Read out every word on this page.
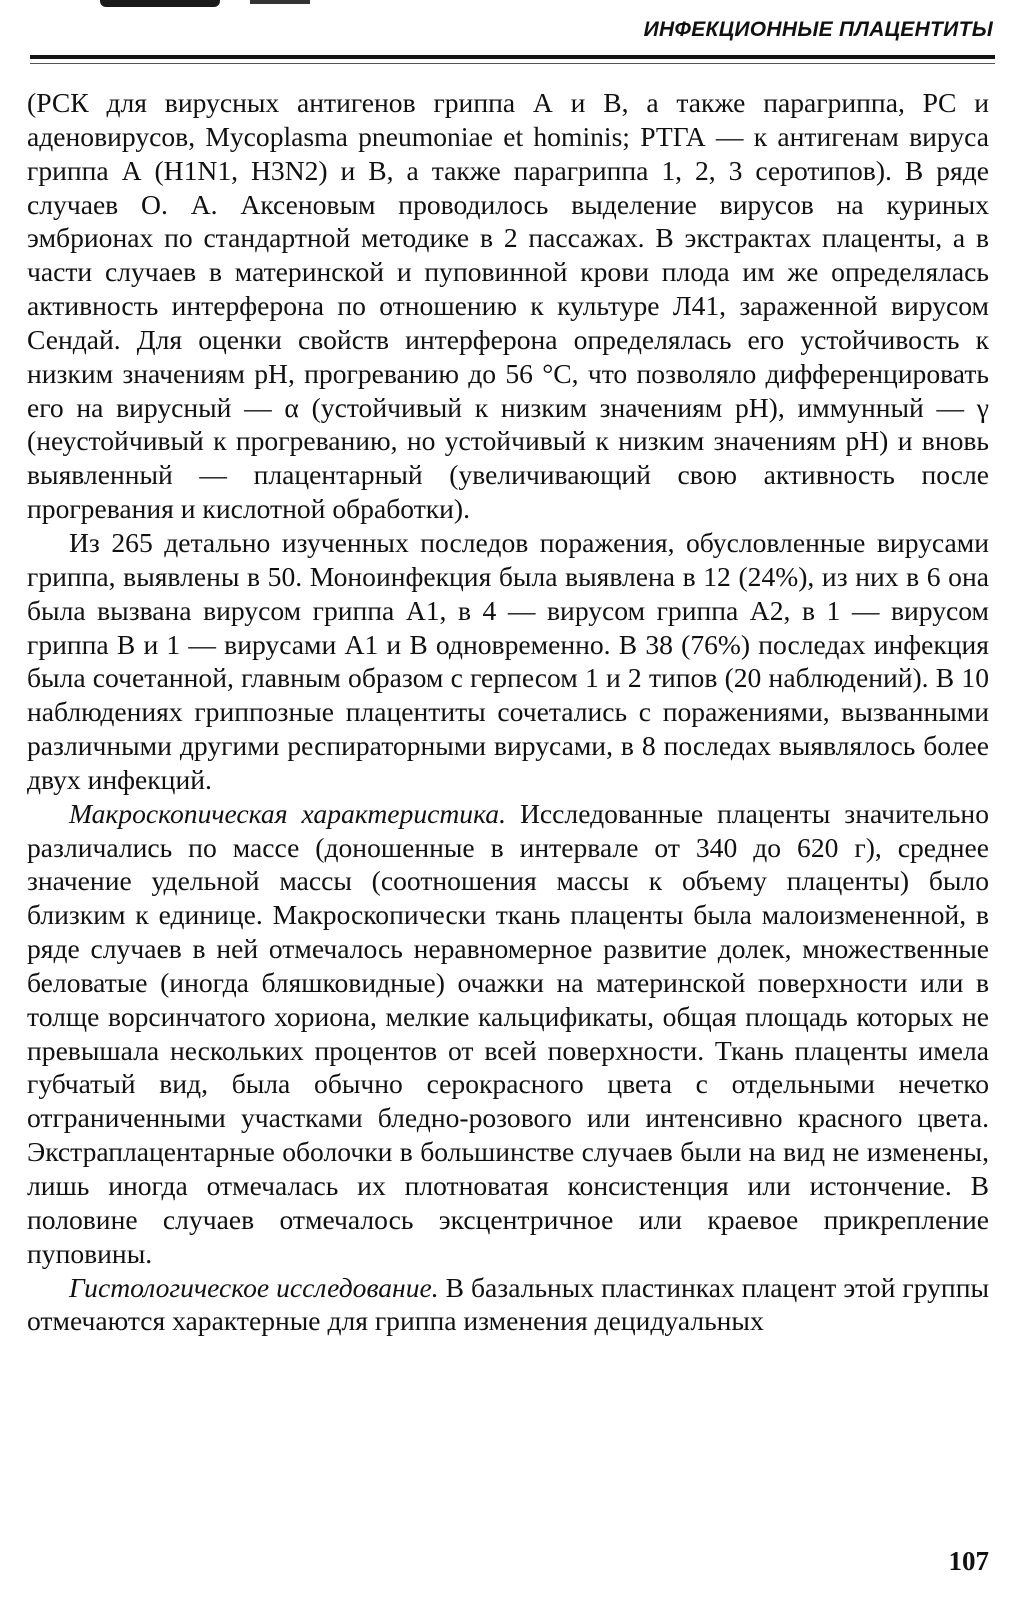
ИНФЕКЦИОННЫЕ ПЛАЦЕНТИТЫ

(РСК для вирусных антигенов гриппа А и В, а также парагриппа, PC и аденовирусов, Mycoplasma pneumoniae et hominis; РТГА — к антигенам вируса гриппа А (H1N1, H3N2) и В, а также парагриппа 1, 2, 3 серотипов). В ряде случаев О. А. Аксеновым проводилось выделение вирусов на куриных эмбрионах по стандартной методике в 2 пассажах. В экстрактах плаценты, а в части случаев в материнской и пуповинной крови плода им же определялась активность интерферона по отношению к культуре Л41, зараженной вирусом Сендай. Для оценки свойств интерферона определялась его устойчивость к низким значениям pH, прогреванию до 56 °С, что позволяло дифференцировать его на вирусный — α (устойчивый к низким значениям pH), иммунный — γ (неустойчивый к прогреванию, но устойчивый к низким значениям pH) и вновь выявленный — плацентарный (увеличивающий свою активность после прогревания и кислотной обработки).

Из 265 детально изученных последов поражения, обусловленные вирусами гриппа, выявлены в 50. Моноинфекция была выявлена в 12 (24%), из них в 6 она была вызвана вирусом гриппа А1, в 4 — вирусом гриппа А2, в 1 — вирусом гриппа В и 1 — вирусами А1 и В одновременно. В 38 (76%) последах инфекция была сочетанной, главным образом с герпесом 1 и 2 типов (20 наблюдений). В 10 наблюдениях гриппозные плацентиты сочетались с поражениями, вызванными различными другими респираторными вирусами, в 8 последах выявлялось более двух инфекций.

Макроскопическая характеристика. Исследованные плаценты значительно различались по массе (доношенные в интервале от 340 до 620 г), среднее значение удельной массы (соотношения массы к объему плаценты) было близким к единице. Макроскопически ткань плаценты была малоизмененной, в ряде случаев в ней отмечалось неравномерное развитие долек, множественные беловатые (иногда бляшковидные) очажки на материнской поверхности или в толще ворсинчатого хориона, мелкие кальцификаты, общая площадь которых не превышала нескольких процентов от всей поверхности. Ткань плаценты имела губчатый вид, была обычно серокрасного цвета с отдельными нечетко отграниченными участками бледно-розового или интенсивно красного цвета. Экстраплацентарные оболочки в большинстве случаев были на вид не изменены, лишь иногда отмечалась их плотноватая консистенция или истончение. В половине случаев отмечалось эксцентричное или краевое прикрепление пуповины.

Гистологическое исследование. В базальных пластинках плацент этой группы отмечаются характерные для гриппа изменения децидуальных

107
